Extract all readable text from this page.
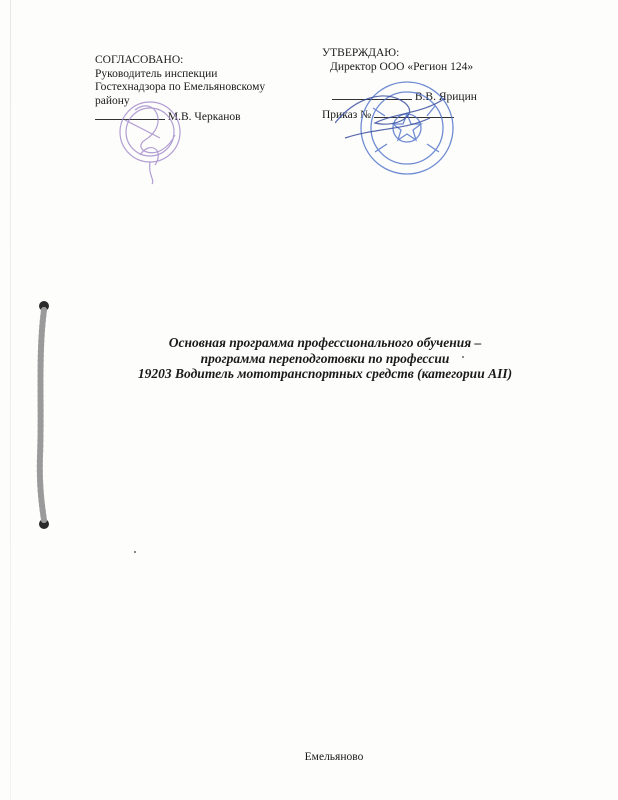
СОГЛАСОВАНО:
Руководитель инспекции
Гостехнадзора по Емельяновскому
району
М.В. Черканов
УТВЕРЖДАЮ:
Директор ООО «Регион 124»
В.В. Ярицин
Приказ №
Основная программа профессионального обучения –
программа переподготовки по профессии
19203 Водитель мототранспортных средств (категории AII)
Емельяново
